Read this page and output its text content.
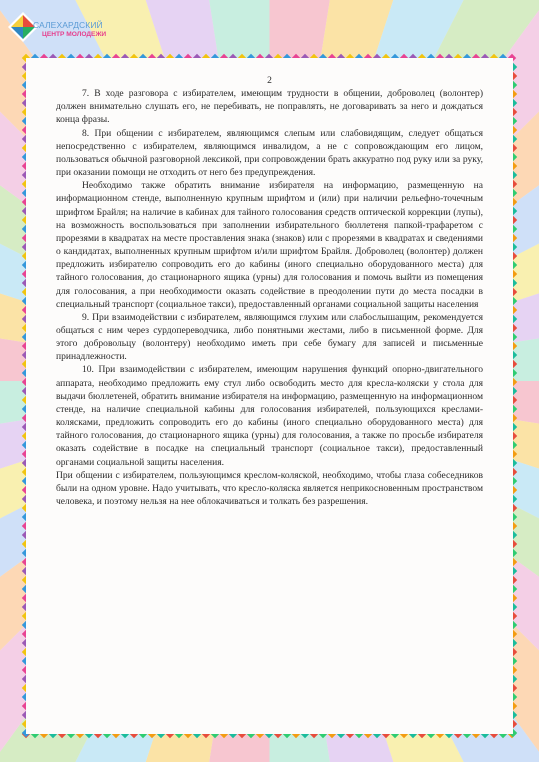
САЛЕХАРДСКИЙ
ЦЕНТР МОЛОДЕЖИ
2
7. В ходе разговора с избирателем, имеющим трудности в общении, доброволец (волонтер) должен внимательно слушать его, не перебивать, не поправлять, не договаривать за него и дождаться конца фразы.
8. При общении с избирателем, являющимся слепым или слабовидящим, следует общаться непосредственно с избирателем, являющимся инвалидом, а не с сопровождающим его лицом, пользоваться обычной разговорной лексикой, при сопровождении брать аккуратно под руку или за руку, при оказании помощи не отходить от него без предупреждения.
Необходимо также обратить внимание избирателя на информацию, размещенную на информационном стенде, выполненную крупным шрифтом и (или) при наличии рельефно-точечным шрифтом Брайля; на наличие в кабинах для тайного голосования средств оптической коррекции (лупы), на возможность воспользоваться при заполнении избирательного бюллетеня папкой-трафаретом с прорезями в квадратах на месте проставления знака (знаков) или с прорезями в квадратах и сведениями о кандидатах, выполненных крупным шрифтом и/или шрифтом Брайля. Доброволец (волонтер) должен предложить избирателю сопроводить его до кабины (иного специально оборудованного места) для тайного голосования, до стационарного ящика (урны) для голосования и помочь выйти из помещения для голосования, а при необходимости оказать содействие в преодолении пути до места посадки в специальный транспорт (социальное такси), предоставленный органами социальной защиты населения
9. При взаимодействии с избирателем, являющимся глухим или слабослышащим, рекомендуется общаться с ним через сурдопереводчика, либо понятными жестами, либо в письменной форме. Для этого добровольцу (волонтеру) необходимо иметь при себе бумагу для записей и письменные принадлежности.
10. При взаимодействии с избирателем, имеющим нарушения функций опорно-двигательного аппарата, необходимо предложить ему стул либо освободить место для кресла-коляски у стола для выдачи бюллетеней, обратить внимание избирателя на информацию, размещенную на информационном стенде, на наличие специальной кабины для голосования избирателей, пользующихся креслами-колясками, предложить сопроводить его до кабины (иного специально оборудованного места) для тайного голосования, до стационарного ящика (урны) для голосования, а также по просьбе избирателя оказать содействие в посадке на специальный транспорт (социальное такси), предоставленный органами социальной защиты населения.
При общении с избирателем, пользующимся креслом-коляской, необходимо, чтобы глаза собеседников были на одном уровне. Надо учитывать, что кресло-коляска является неприкосновенным пространством человека, и поэтому нельзя на нее облокачиваться и толкать без разрешения.
